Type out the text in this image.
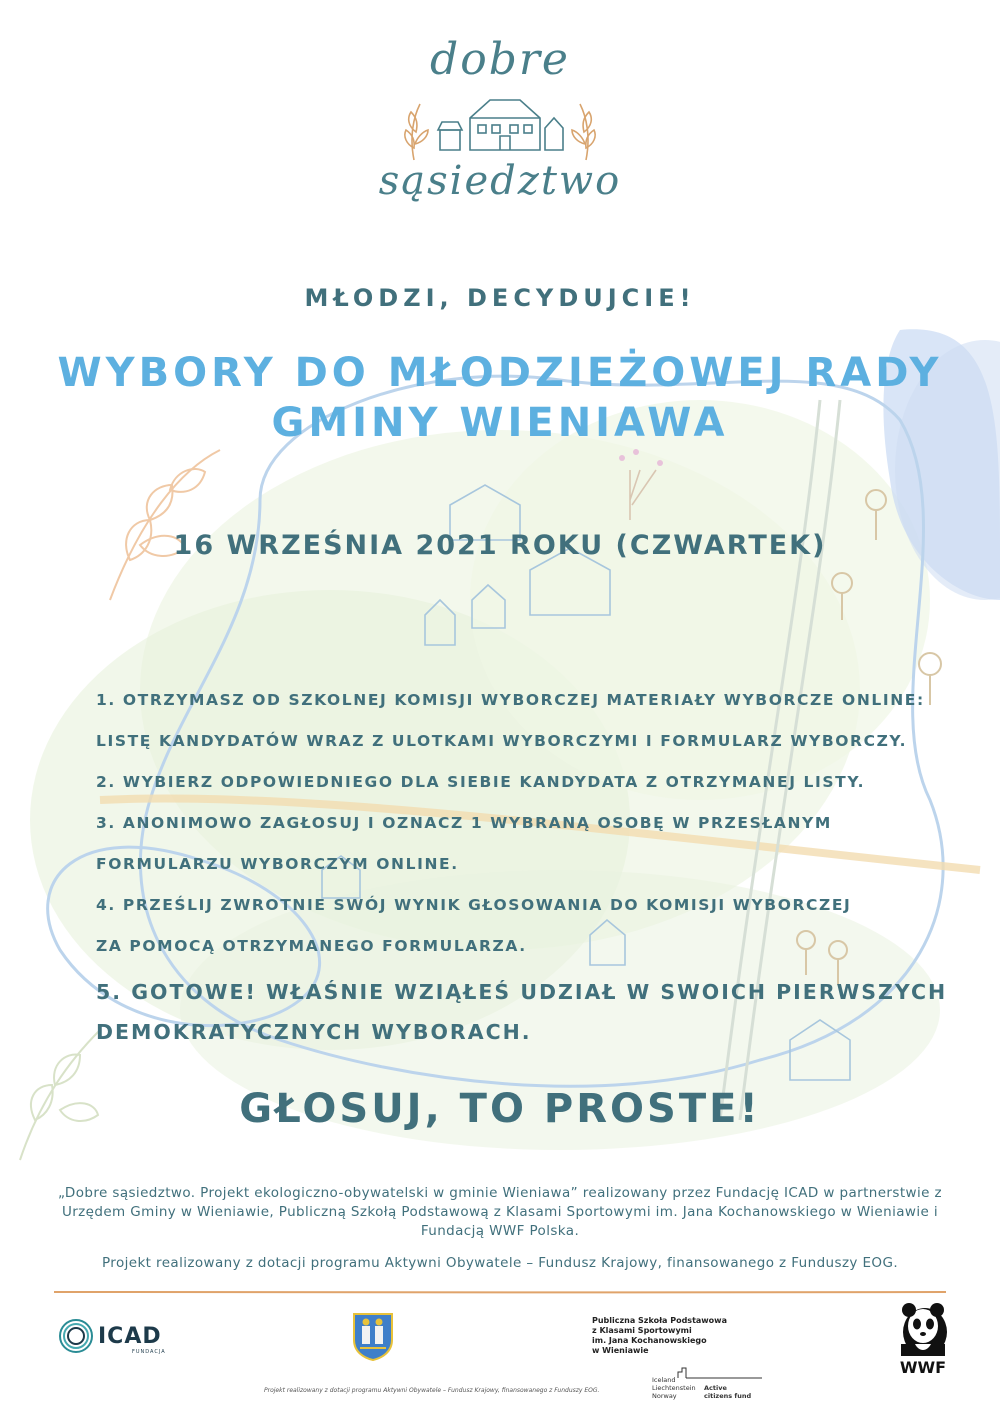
dobre
sąsiedztwo
MŁODZI, DECYDUJCIE!
WYBORY DO MŁODZIEŻOWEJ RADY
GMINY WIENIAWA
16 WRZEŚNIA 2021 ROKU (CZWARTEK)
1. OTRZYMASZ OD SZKOLNEJ KOMISJI WYBORCZEJ MATERIAŁY WYBORCZE ONLINE:
LISTĘ KANDYDATÓW WRAZ Z ULOTKAMI WYBORCZYMI I FORMULARZ WYBORCZY.
2. WYBIERZ ODPOWIEDNIEGO DLA SIEBIE KANDYDATA Z OTRZYMANEJ LISTY.
3. ANONIMOWO ZAGŁOSUJ I OZNACZ 1 WYBRANĄ OSOBĘ W PRZESŁANYM
FORMULARZU WYBORCZYM ONLINE.
4. PRZEŚLIJ ZWROTNIE SWÓJ WYNIK GŁOSOWANIA DO KOMISJI WYBORCZEJ
ZA POMOCĄ OTRZYMANEGO FORMULARZA.
5. GOTOWE! WŁAŚNIE WZIĄŁEŚ UDZIAŁ W SWOICH PIERWSZYCH
DEMOKRATYCZNYCH WYBORACH.
GŁOSUJ, TO PROSTE!
„Dobre sąsiedztwo. Projekt ekologiczno-obywatelski w gminie Wieniawa” realizowany przez Fundację ICAD w partnerstwie z Urzędem Gminy w Wieniawie, Publiczną Szkołą Podstawową z Klasami Sportowymi im. Jana Kochanowskiego w Wieniawie i Fundacją WWF Polska.
Projekt realizowany z dotacji programu Aktywni Obywatele – Fundusz Krajowy, finansowanego z Funduszy EOG.
ICAD
FUNDACJA
Publiczna Szkoła Podstawowa
z Klasami Sportowymi
im. Jana Kochanowskiego
w Wieniawie
Iceland
Liechtenstein
Norway
Active
citizens fund
WWF
Projekt realizowany z dotacji programu Aktywni Obywatele – Fundusz Krajowy, finansowanego z Funduszy EOG.
